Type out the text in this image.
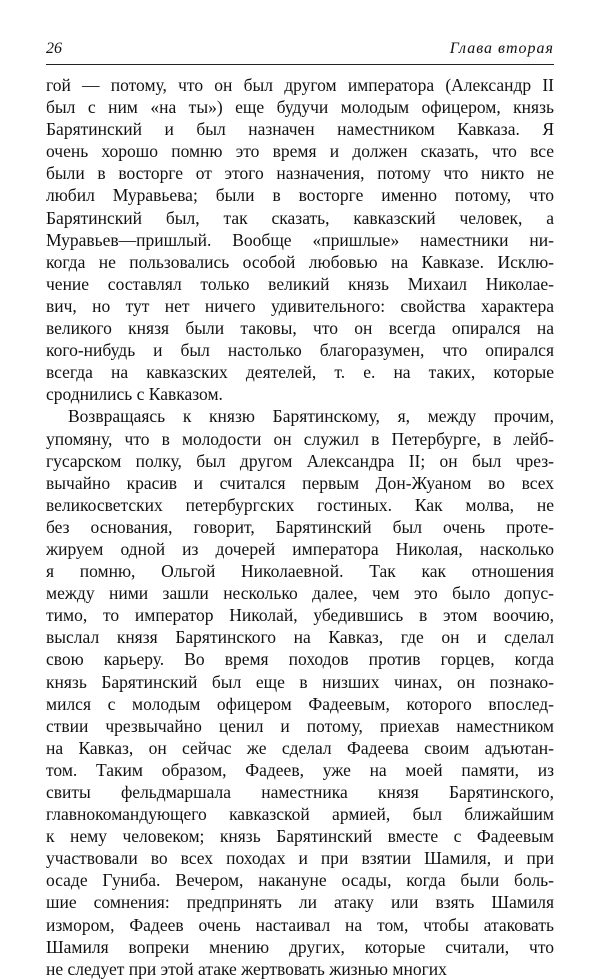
26	Глава вторая
гой — потому, что он был другом императора (Александр II
был с ним «на ты») еще будучи молодым офицером, князь
Барятинский и был назначен наместником Кавказа. Я
очень хорошо помню это время и должен сказать, что все
были в восторге от этого назначения, потому что никто не
любил Муравьева; были в восторге именно потому, что
Барятинский был, так сказать, кавказский человек, а
Муравьев—пришлый. Вообще «пришлые» наместники ни-
когда не пользовались особой любовью на Кавказе. Исклю-
чение составлял только великий князь Михаил Николае-
вич, но тут нет ничего удивительного: свойства характера
великого князя были таковы, что он всегда опирался на
кого-нибудь и был настолько благоразумен, что опирался
всегда на кавказских деятелей, т. е. на таких, которые
сроднились с Кавказом.
Возвращаясь к князю Барятинскому, я, между прочим,
упомяну, что в молодости он служил в Петербурге, в лейб-
гусарском полку, был другом Александра II; он был чрез-
вычайно красив и считался первым Дон-Жуаном во всех
великосветских петербургских гостиных. Как молва, не
без основания, говорит, Барятинский был очень проте-
жируем одной из дочерей императора Николая, насколько
я помню, Ольгой Николаевной. Так как отношения
между ними зашли несколько далее, чем это было допус-
тимо, то император Николай, убедившись в этом воочию,
выслал князя Барятинского на Кавказ, где он и сделал
свою карьеру. Во время походов против горцев, когда
князь Барятинский был еще в низших чинах, он познако-
мился с молодым офицером Фадеевым, которого впослед-
ствии чрезвычайно ценил и потому, приехав наместником
на Кавказ, он сейчас же сделал Фадеева своим адъютан-
том. Таким образом, Фадеев, уже на моей памяти, из
свиты фельдмаршала наместника князя Барятинского,
главнокомандующего кавказской армией, был ближайшим
к нему человеком; князь Барятинский вместе с Фадеевым
участвовали во всех походах и при взятии Шамиля, и при
осаде Гуниба. Вечером, накануне осады, когда были боль-
шие сомнения: предпринять ли атаку или взять Шамиля
измором, Фадеев очень настаивал на том, чтобы атаковать
Шамиля вопреки мнению других, которые считали, что
не следует при этой атаке жертвовать жизнью многих
